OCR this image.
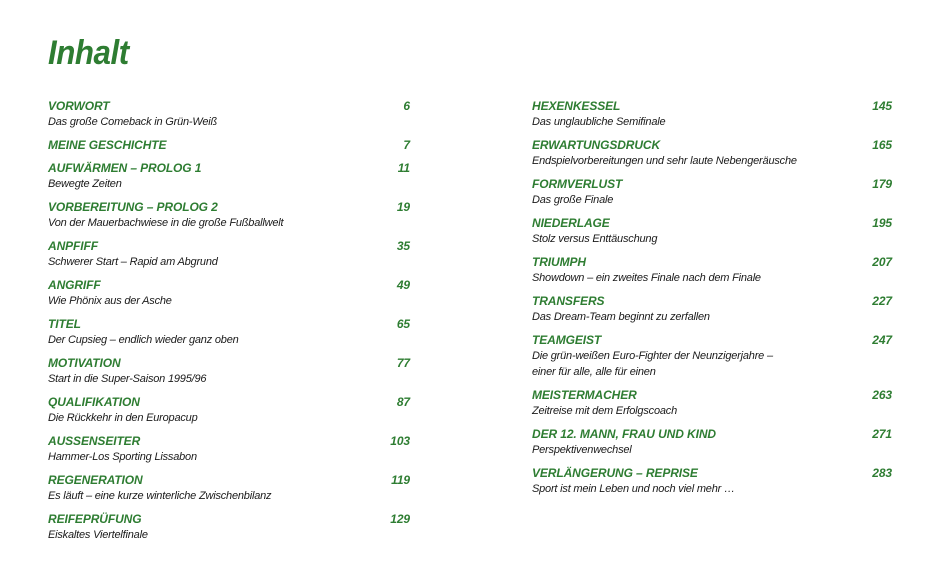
Inhalt
VORWORT	6
Das große Comeback in Grün-Weiß
MEINE GESCHICHTE	7
AUFWÄRMEN – PROLOG 1	11
Bewegte Zeiten
VORBEREITUNG – PROLOG 2	19
Von der Mauerbachwiese in die große Fußballwelt
ANPFIFF	35
Schwerer Start – Rapid am Abgrund
ANGRIFF	49
Wie Phönix aus der Asche
TITEL	65
Der Cupsieg – endlich wieder ganz oben
MOTIVATION	77
Start in die Super-Saison 1995/96
QUALIFIKATION	87
Die Rückkehr in den Europacup
AUSSENSEITER	103
Hammer-Los Sporting Lissabon
REGENERATION	119
Es läuft – eine kurze winterliche Zwischenbilanz
REIFEPRÜFUNG	129
Eiskaltes Viertelfinale
HEXENKESSEL	145
Das unglaubliche Semifinale
ERWARTUNGSDRUCK	165
Endspielvorbereitungen und sehr laute Nebengeräusche
FORMVERLUST	179
Das große Finale
NIEDERLAGE	195
Stolz versus Enttäuschung
TRIUMPH	207
Showdown – ein zweites Finale nach dem Finale
TRANSFERS	227
Das Dream-Team beginnt zu zerfallen
TEAMGEIST	247
Die grün-weißen Euro-Fighter der Neunzigerjahre –
einer für alle, alle für einen
MEISTERMACHER	263
Zeitreise mit dem Erfolgscoach
DER 12. MANN, FRAU UND KIND	271
Perspektivenwechsel
VERLÄNGERUNG – REPRISE	283
Sport ist mein Leben und noch viel mehr …
